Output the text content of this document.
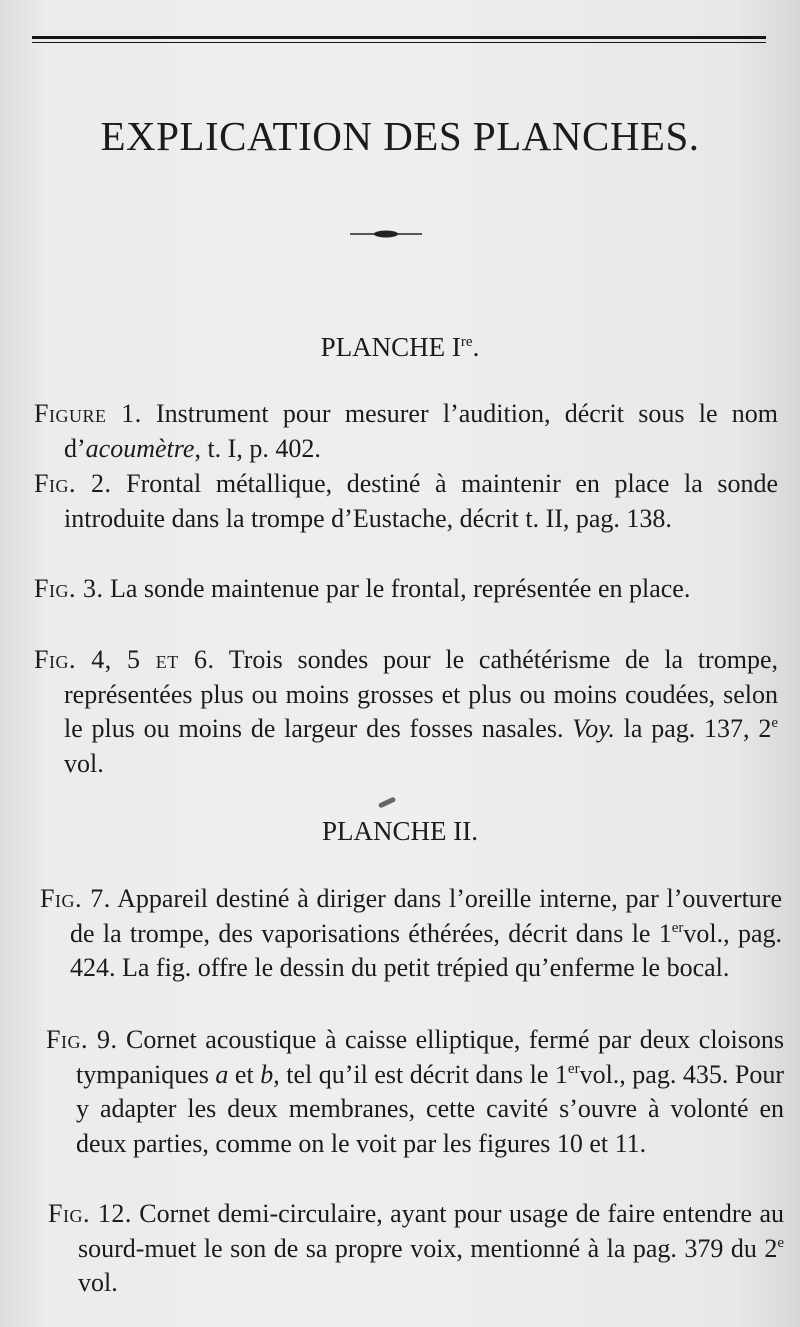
EXPLICATION DES PLANCHES.
PLANCHE Ire.
Figure 1. Instrument pour mesurer l’audition, décrit sous le nom d’acoumètre, t. I, p. 402.
Fig. 2. Frontal métallique, destiné à maintenir en place la sonde introduite dans la trompe d’Eustache, décrit t. II, pag. 138.
Fig. 3. La sonde maintenue par le frontal, représentée en place.
Fig. 4, 5 et 6. Trois sondes pour le cathétérisme de la trompe, représentées plus ou moins grosses et plus ou moins coudées, selon le plus ou moins de largeur des fosses nasales. Voy. la pag. 137, 2e vol.
PLANCHE II.
Fig. 7. Appareil destiné à diriger dans l’oreille interne, par l’ouverture de la trompe, des vaporisations éthérées, décrit dans le 1ervol., pag. 424. La fig. offre le dessin du petit trépied qu’enferme le bocal.
Fig. 9. Cornet acoustique à caisse elliptique, fermé par deux cloisons tympaniques a et b, tel qu’il est décrit dans le 1ervol., pag. 435. Pour y adapter les deux membranes, cette cavité s’ouvre à volonté en deux parties, comme on le voit par les figures 10 et 11.
Fig. 12. Cornet demi-circulaire, ayant pour usage de faire entendre au sourd-muet le son de sa propre voix, mentionné à la pag. 379 du 2e vol.
